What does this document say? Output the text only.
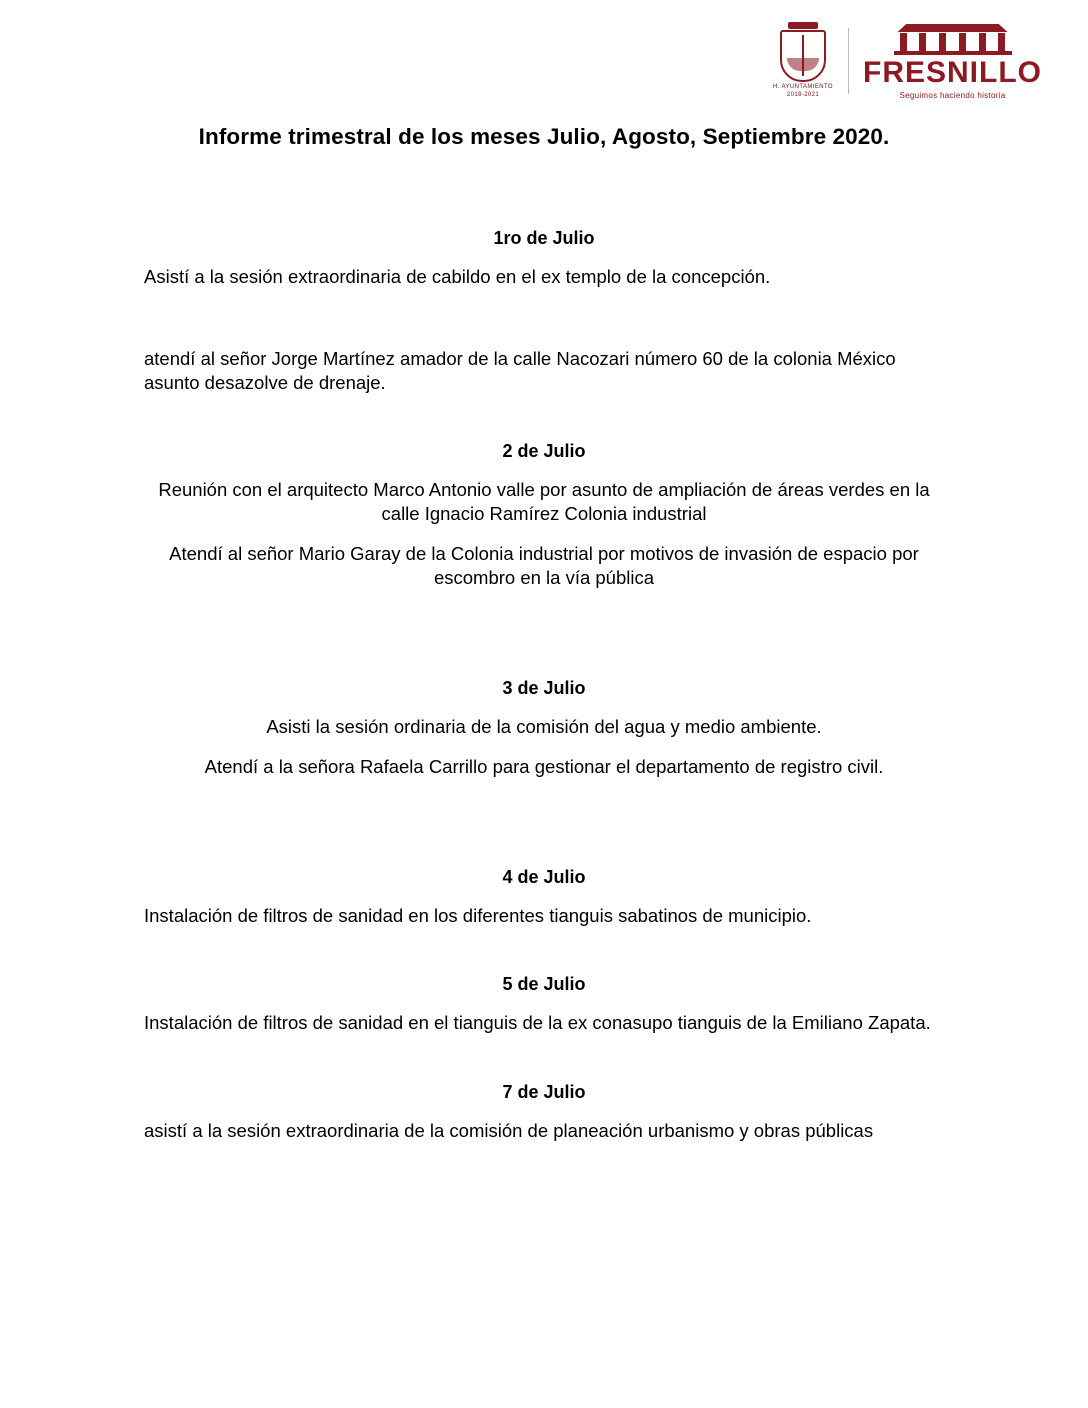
H. AYUNTAMIENTO
2018-2021
FRESNILLO
Seguimos haciendo historia
Informe trimestral de los meses Julio, Agosto, Septiembre 2020.
1ro de Julio

Asistí a la sesión extraordinaria de cabildo en el ex templo de la concepción.

atendí al señor Jorge Martínez amador de la calle Nacozari número 60 de la colonia México asunto desazolve de drenaje.

2 de Julio

Reunión con el arquitecto Marco Antonio valle por asunto de ampliación de áreas verdes en la calle Ignacio Ramírez Colonia industrial

Atendí al señor Mario Garay de la Colonia industrial por motivos de invasión de espacio por escombro en la vía pública

3 de Julio

Asisti la sesión ordinaria de la comisión del agua y medio ambiente.

Atendí a la señora Rafaela Carrillo para gestionar el departamento de registro civil.

4 de Julio

Instalación de filtros de sanidad en los diferentes tianguis sabatinos de municipio.

5 de Julio

Instalación de filtros de sanidad en el tianguis de la ex conasupo tianguis de la Emiliano Zapata.

7 de Julio

asistí a la sesión extraordinaria de la comisión de planeación urbanismo y obras públicas
